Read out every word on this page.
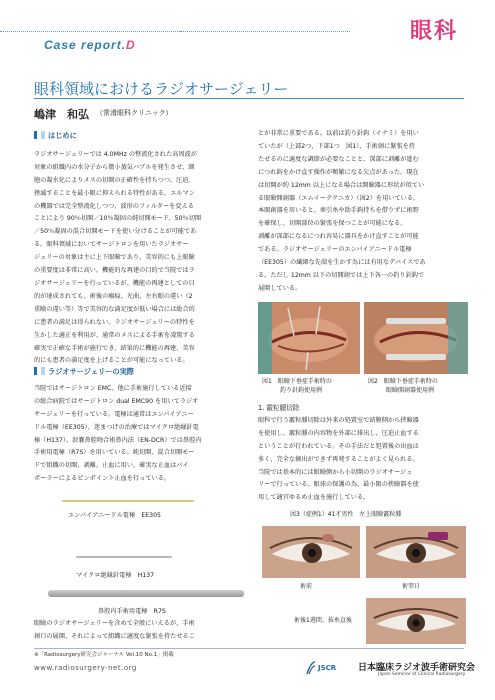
Case report.D
眼科
眼科領域におけるラジオサージェリー
嶋津　和弘 （常滑眼科クリニック）
はじめに

ラジオサージェリーでは 4.0MHz の整流化された高周波が

対象の組織内の水分子から微小蒸気バブルを発生させ、細

胞の凝水化によりメスの切開の正確性を持ちつつ、圧迫、

挫滅することを最小限に抑えられる特性がある。エルマン

の機器では完全整流化しつつ、波形のフィルターを変える

ことにより 90％切開／10％凝固の純切開モード、50％切開

／50％凝固の混合切開モードを使い分けることが可能であ

る。眼科領域においてサージトロンを用いたラジオサー

ジェリーの対象は主に上下眼瞼であり、美容的にも上眼瞼

の重要度は非常に高い。機能的な再建の目的で当院ではラ

ジオサージェリーを行っているが、機能の再建としての目

的が達成されても、術後の瘢痕、光曲、左右眼の違い（2

重瞼の違い等）等で美容的な満足度が低い場合には総合的

に患者の満足は得られない。ラジオサージェリーの特性を

生かした適正を利用が、通常のメスによる手術を凌駕する

確実で正確な手術が施行でき、結果的に機能の再建、美容

的にも患者の満足度を上げることが可能になっている。

ラジオサージェリーの実際

当院ではサージトロン EMC、他に手術施行している近接

の総合病院ではサージトロン dual EMC90 を用いてラジオ

サージェリーを行っている。電極は通常はエンバイアニー

ドル電極（EE305）、迷まつげの治療ではマイクロ絶縁針電

極（H137）、涙嚢鼻腔吻合術鼻内法（EN-DCR）では鼻腔内

手術用電極（R7S）を用いている。純切開、混合切開モー

ドで組織の切開、剥離、止血に用い、確実な止血はバイ

ポーラーによるピンポイント止血を行っている。

エンバイアニードル電極　EE305
マイクロ絶縁針電極　H137
鼻腔内手術用電極　R7S

眼瞼のラジオサージェリーを含めて全般にいえるが、手術

創口の展開、それによって組織に適度な緊張を持たせるこ

とが非常に重要である。以前は釣り針鈎（イナミ）を用い

ていたが（上部2つ、下部1つ　図1）、手術創に緊張を持

たせるのに適度な調節が必要なことと、深部に剥離が進む

につれ鈎をかけ直す操作が頻繁になる欠点があった。現在

は切開が約 12mm 以上になる場合は開瞼器に形状が似てい

る眼瞼開創器（エムイーテクニカ）（図2）を用いている。

本開創器を用いると、牽引糸や助手鈎持ちを借りずに術野

を確保し、切開部位の緊張を保つことが可能になる。

剥離が深部になるにつれ容易に器具をかけ直すことが可能

である。ラジオサージェリーのエンバイアニードル電極

（EE305）の繊細な先端を生かす為には有用なデバイスであ

る。ただし 12mm 以下の切開創では上下各一の釣り針鈎で

展開している。

図1　眼瞼下垂症手術時の
釣り針鈎使用例
図2　眼瞼下垂症手術時の
眼瞼開創器使用例
1. 霰粒腫切除

眼科で行う霰粒腫切除は外来の処置室で結膜側から挟瞼器

を使用し、霰粒腫の内容物を外部に排出し、圧迫止血する

ということが行われている。その手法だと処置後の出血は

多く、完全な摘出ができず再発することがよく見られる。

当院では基本的には眼瞼側から小切開のラジオサージェ

リーで行っている。眼球の保護の為、最小限の挟瞼器を使

用して適宜ゆるめ止血を施行している。

図3（症例1）41才男性　左上眼瞼霰粒腫
術前	術翌日
術後1週間、抜糸直後
※「Radiosurgery研究会ジャーナル Vol.10 No.1」掲載
www.radiosurgery-net.org	JSCR 日本臨床ラジオ波手術研究会
Japan Seminar of Clinical Radiosurgery
